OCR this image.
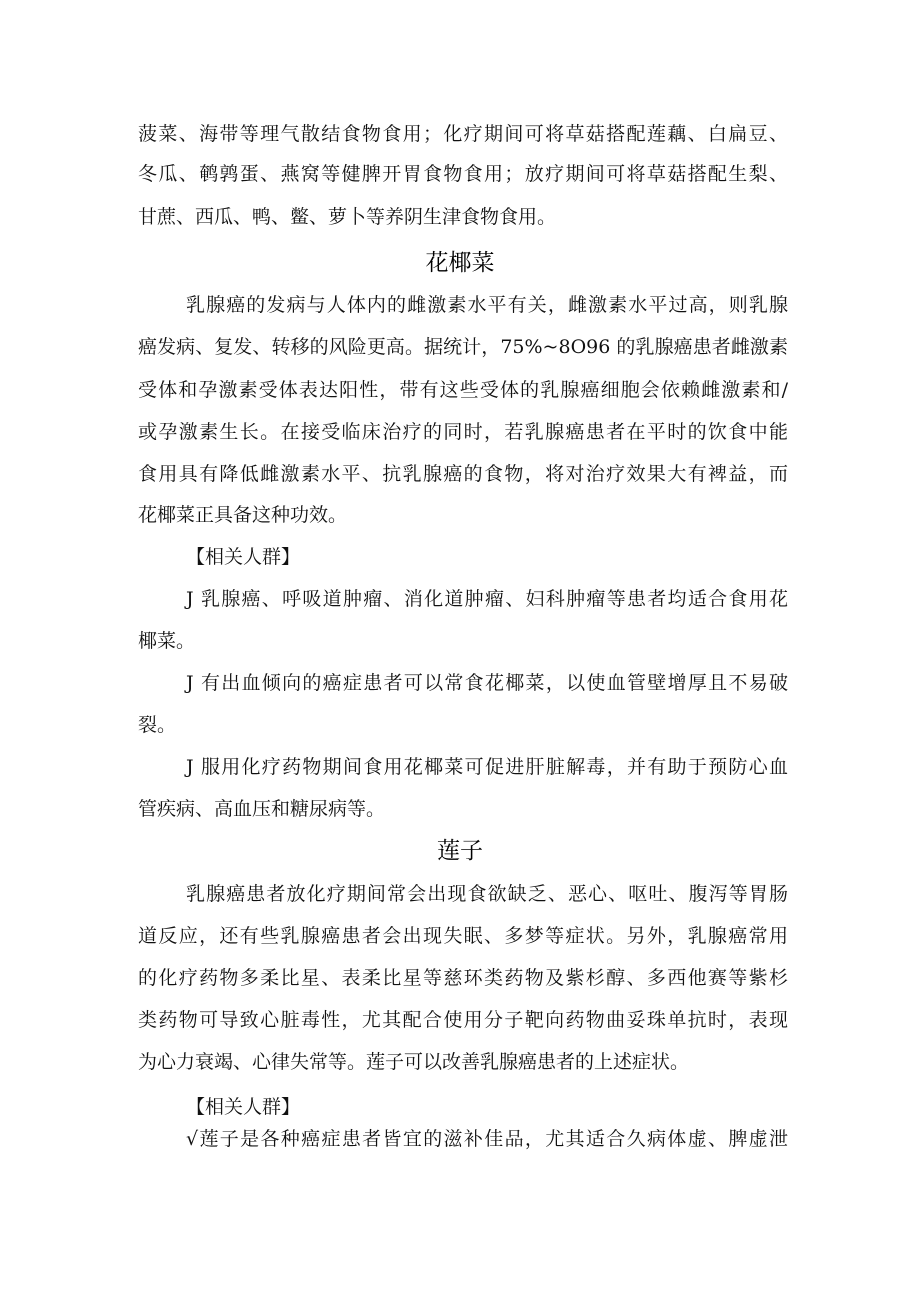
菠菜、海带等理气散结食物食用；化疗期间可将草菇搭配莲藕、白扁豆、
冬瓜、鹌鹑蛋、燕窝等健脾开胃食物食用；放疗期间可将草菇搭配生梨、
甘蔗、西瓜、鸭、鳖、萝卜等养阴生津食物食用。
花椰菜
乳腺癌的发病与人体内的雌激素水平有关，雌激素水平过高，则乳腺
癌发病、复发、转移的风险更高。据统计，75%~8O96 的乳腺癌患者雌激素
受体和孕激素受体表达阳性，带有这些受体的乳腺癌细胞会依赖雌激素和/
或孕激素生长。在接受临床治疗的同时，若乳腺癌患者在平时的饮食中能
食用具有降低雌激素水平、抗乳腺癌的食物，将对治疗效果大有裨益，而
花椰菜正具备这种功效。
【相关人群】
J 乳腺癌、呼吸道肿瘤、消化道肿瘤、妇科肿瘤等患者均适合食用花
椰菜。
J 有出血倾向的癌症患者可以常食花椰菜，以使血管壁增厚且不易破
裂。
J 服用化疗药物期间食用花椰菜可促进肝脏解毒，并有助于预防心血
管疾病、高血压和糖尿病等。
莲子
乳腺癌患者放化疗期间常会出现食欲缺乏、恶心、呕吐、腹泻等胃肠
道反应，还有些乳腺癌患者会出现失眠、多梦等症状。另外，乳腺癌常用
的化疗药物多柔比星、表柔比星等慈环类药物及紫杉醇、多西他赛等紫杉
类药物可导致心脏毒性，尤其配合使用分子靶向药物曲妥珠单抗时，表现
为心力衰竭、心律失常等。莲子可以改善乳腺癌患者的上述症状。
【相关人群】
√莲子是各种癌症患者皆宜的滋补佳品，尤其适合久病体虚、脾虚泄
